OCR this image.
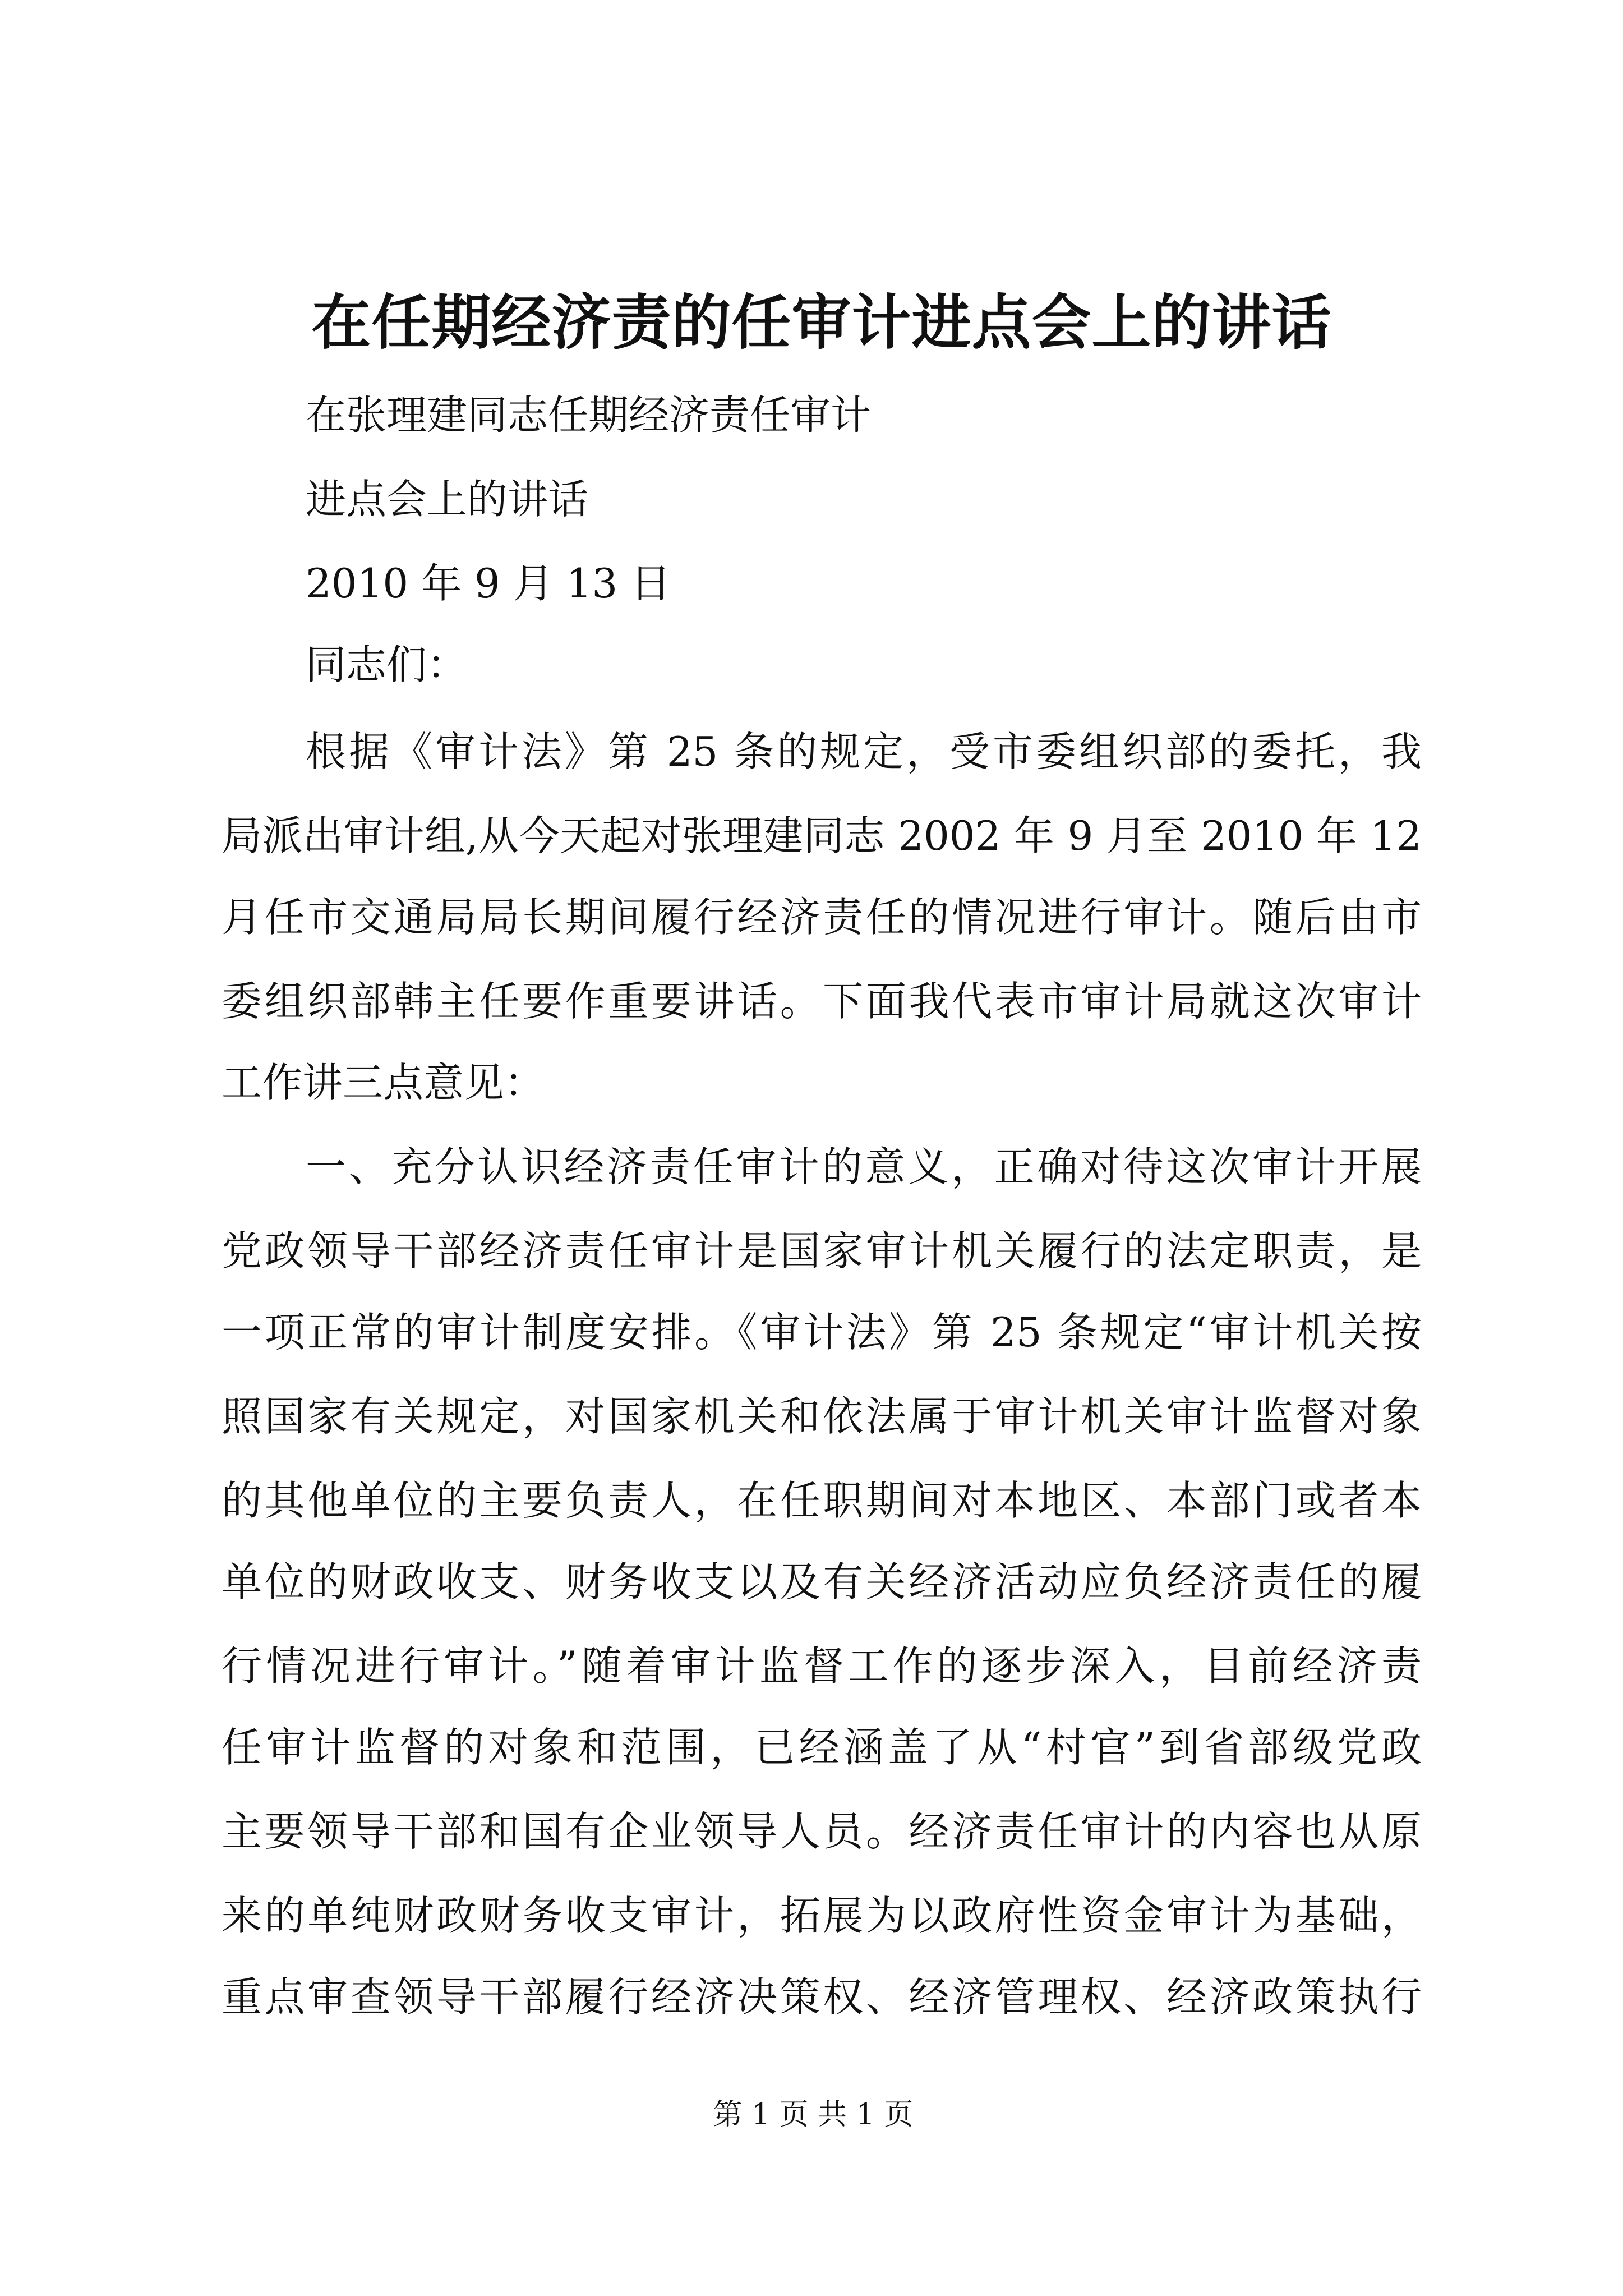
在任期经济责的任审计进点会上的讲话
在张理建同志任期经济责任审计
进点会上的讲话
2010 年 9 月 13 日
同志们：
根据《审计法》第 25 条的规定，受市委组织部的委托，我
局派出审计组,从今天起对张理建同志 2002 年 9 月至 2010 年 12
月任市交通局局长期间履行经济责任的情况进行审计。随后由市
委组织部韩主任要作重要讲话。下面我代表市审计局就这次审计
工作讲三点意见：
一、充分认识经济责任审计的意义，正确对待这次审计开展
党政领导干部经济责任审计是国家审计机关履行的法定职责，是
一项正常的审计制度安排。《审计法》第 25 条规定“审计机关按
照国家有关规定，对国家机关和依法属于审计机关审计监督对象
的其他单位的主要负责人，在任职期间对本地区、本部门或者本
单位的财政收支、财务收支以及有关经济活动应负经济责任的履
行情况进行审计。”随着审计监督工作的逐步深入，目前经济责
任审计监督的对象和范围，已经涵盖了从“村官”到省部级党政
主要领导干部和国有企业领导人员。经济责任审计的内容也从原
来的单纯财政财务收支审计，拓展为以政府性资金审计为基础，
重点审查领导干部履行经济决策权、经济管理权、经济政策执行
第 1 页 共 1 页
